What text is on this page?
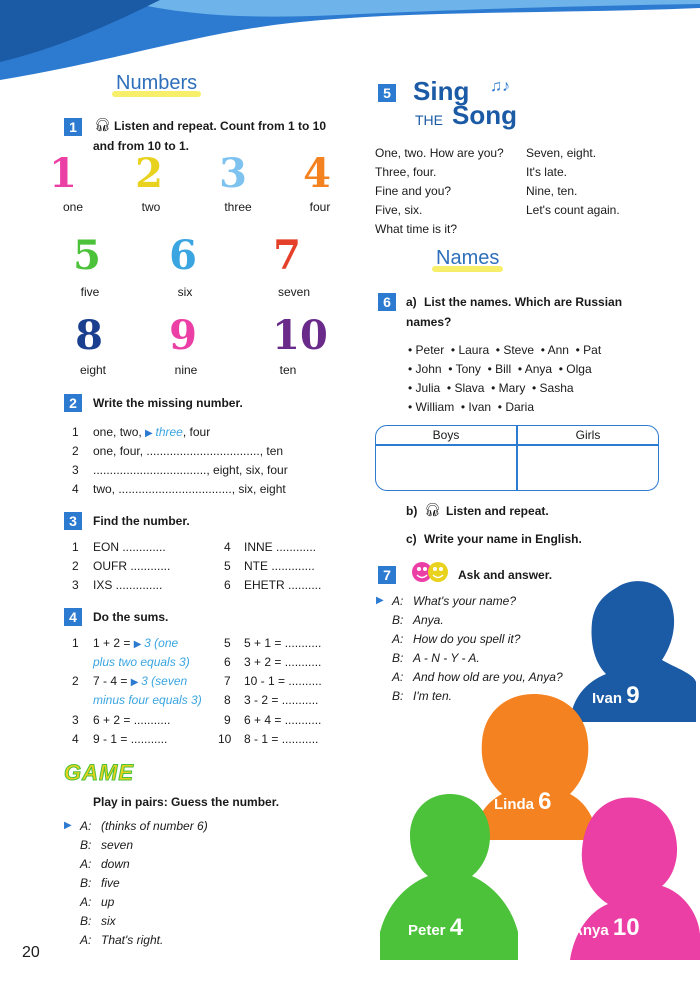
Numbers
1	🎧︎ Listen and repeat. Count from 1 to 10
and from 10 to 1.
1 2 3 4
one	two	three	four
5 6 7
five	six	seven
8 9 10
eight	nine	ten
2	Write the missing number.
1 one, two, ▶ three, four
2 one, four, .................................., ten
3 .................................., eight, six, four
4 two, .................................., six, eight
3	Find the number.
1 EON .............
2 OUFR ............
3 IXS ..............
4 INNE ............
5 NTE .............
6 EHETR ..........
4	Do the sums.
1 1 + 2 = ▶ 3 (one
plus two equals 3)
2 7 - 4 = ▶ 3 (seven
minus four equals 3)
3 6 + 2 = ...........
4 9 - 1 = ...........
5 5 + 1 = ...........
6 3 + 2 = ...........
7 10 - 1 = ..........
8 3 - 2 = ...........
9 6 + 4 = ...........
10 8 - 1 = ...........
GAME
Play in pairs: Guess the number.
▶ A: (thinks of number 6)
B: seven
A: down
B: five
A: up
B: six
A: That's right.
20
5 Sing ♫♪
THE Song
One, two. How are you?
Three, four.
Fine and you?
Five, six.
What time is it?
Seven, eight.
It's late.
Nine, ten.
Let's count again.
Names
6	a) List the names. Which are Russian
names?
• Peter  • Laura  • Steve  • Ann  • Pat
• John  • Tony  • Bill  • Anya  • Olga
• Julia  • Slava  • Mary  • Sasha
• William  • Ivan  • Daria
Boys	Girls
b) 🎧︎ Listen and repeat.
c) Write your name in English.
7	Ask and answer.
Ivan 9
Linda 6
Peter 4	Anya 10
▶ A: What's your name?
B: Anya.
A: How do you spell it?
B: A - N - Y - A.
A: And how old are you, Anya?
B: I'm ten.
